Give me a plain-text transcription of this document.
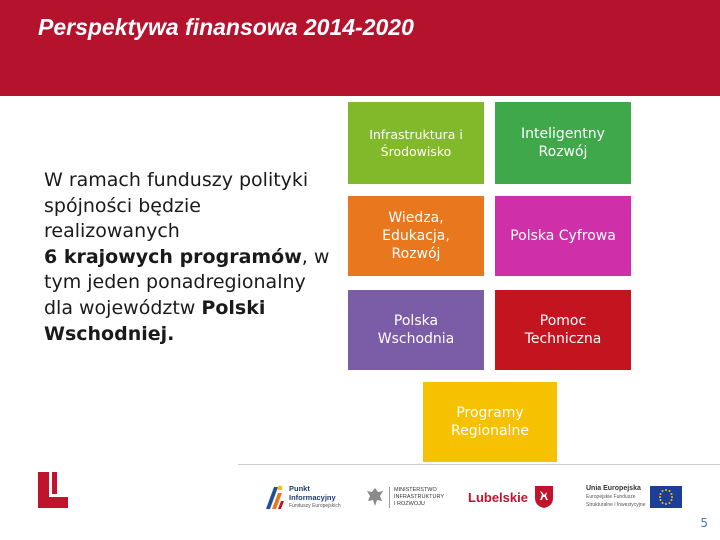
Perspektywa finansowa 2014-2020
W ramach funduszy polityki spójności będzie realizowanych
6 krajowych programów, w tym jeden ponadregionalny dla województw Polski Wschodniej.
Infrastruktura i Środowisko
Inteligentny Rozwój
Wiedza, Edukacja, Rozwój
Polska Cyfrowa
Polska Wschodnia
Pomoc Techniczna
Programy Regionalne
Punkt
Informacyjny
Funduszy Europejskich
MINISTERSTWO
INFRASTRUKTURY
I ROZWOJU	Lubelskie
Unia Europejska
Europejskie Fundusze
Strukturalne i Inwestycyjne
5
